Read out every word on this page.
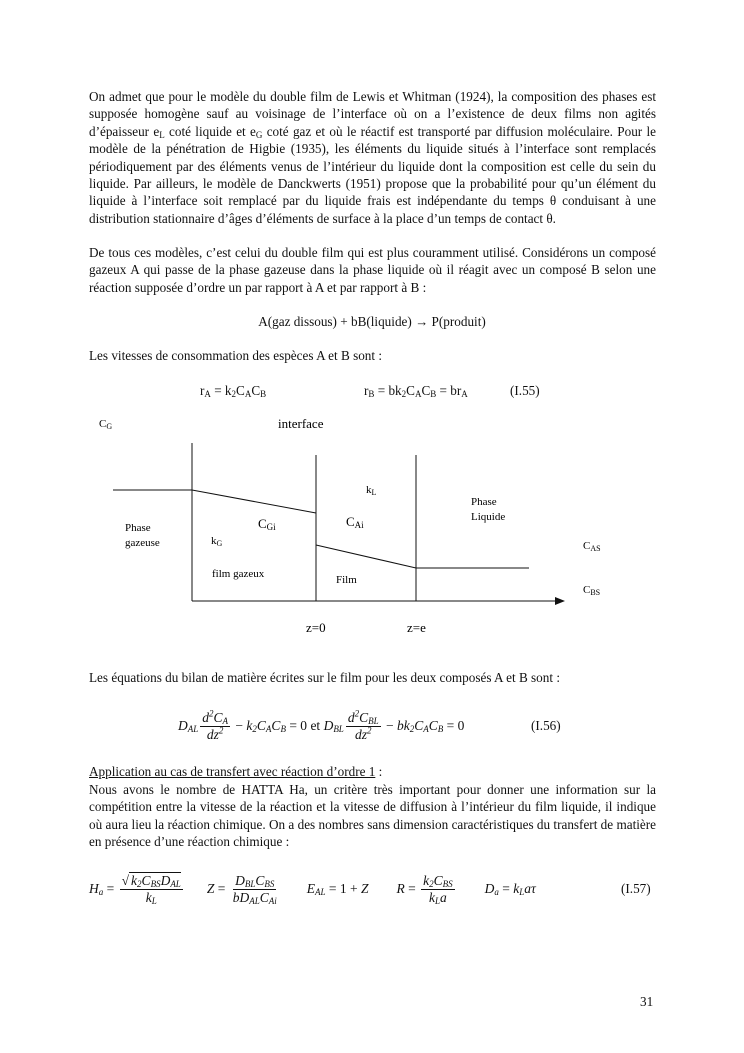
On admet que pour le modèle du double film de Lewis et Whitman (1924), la composition des phases est supposée homogène sauf au voisinage de l’interface où on a l’existence de deux films non agités d’épaisseur $e_L$ coté liquide et $e_G$ coté gaz et où le réactif est transporté par diffusion moléculaire. Pour le modèle de la pénétration de Higbie (1935), les éléments du liquide situés à l’interface sont remplacés périodiquement par des éléments venus de l’intérieur du liquide dont la composition est celle du sein du liquide. Par ailleurs, le modèle de Danckwerts (1951) propose que la probabilité pour qu’un élément du liquide à l’interface soit remplacé par du liquide frais est indépendante du temps θ conduisant à une distribution stationnaire d’âges d’éléments de surface à la place d’un temps de contact θ.

De tous ces modèles, c’est celui du double film qui est plus couramment utilisé. Considérons un composé gazeux A qui passe de la phase gazeuse dans la phase liquide où il réagit avec un composé B selon une réaction supposée d’ordre un par rapport à A et par rapport à B :

A(gaz dissous) + bB(liquide) → P(produit)
Les vitesses de consommation des espèces A et B sont :
$r_A = k_2C_AC_B$	$r_B = bk_2C_AC_B = br_A$	(I.55)
CG	interface
kL
Phase
Liquide
CGi	CAi
Phase
gazeuse	kG	CAS
film gazeux	Film
CBS
z=0	z=e
Les équations du bilan de matière écrites sur le film pour les deux composés A et B sont :
$D_{AL} \frac{d^2C_A}{dz^2} - k_2C_AC_B = 0$ et $D_{BL} \frac{d^2C_{BL}}{dz^2} - bk_2C_AC_B = 0$	(I.56)
Application au cas de transfert avec réaction d’ordre 1 :

Nous avons le nombre de HATTA Ha, un critère très important pour donner une information sur la compétition entre la vitesse de la réaction et la vitesse de diffusion à l’intérieur du film liquide, il indique où aura lieu la réaction chimique. On a des nombres sans dimension caractéristiques du transfert de matière en présence d’une réaction chimique :

$H_a = \frac{√ k_2C_{BS}D_{AL}}{k_L}$ $Z = \frac{D_{BL}C_{BS}}{bD_{AL}C_{Ai}} E_{AL} = 1 + Z$ $R = \frac{k_2C_{BS}}{k_La} D_a = k_La\tau$	(I.57)
31
